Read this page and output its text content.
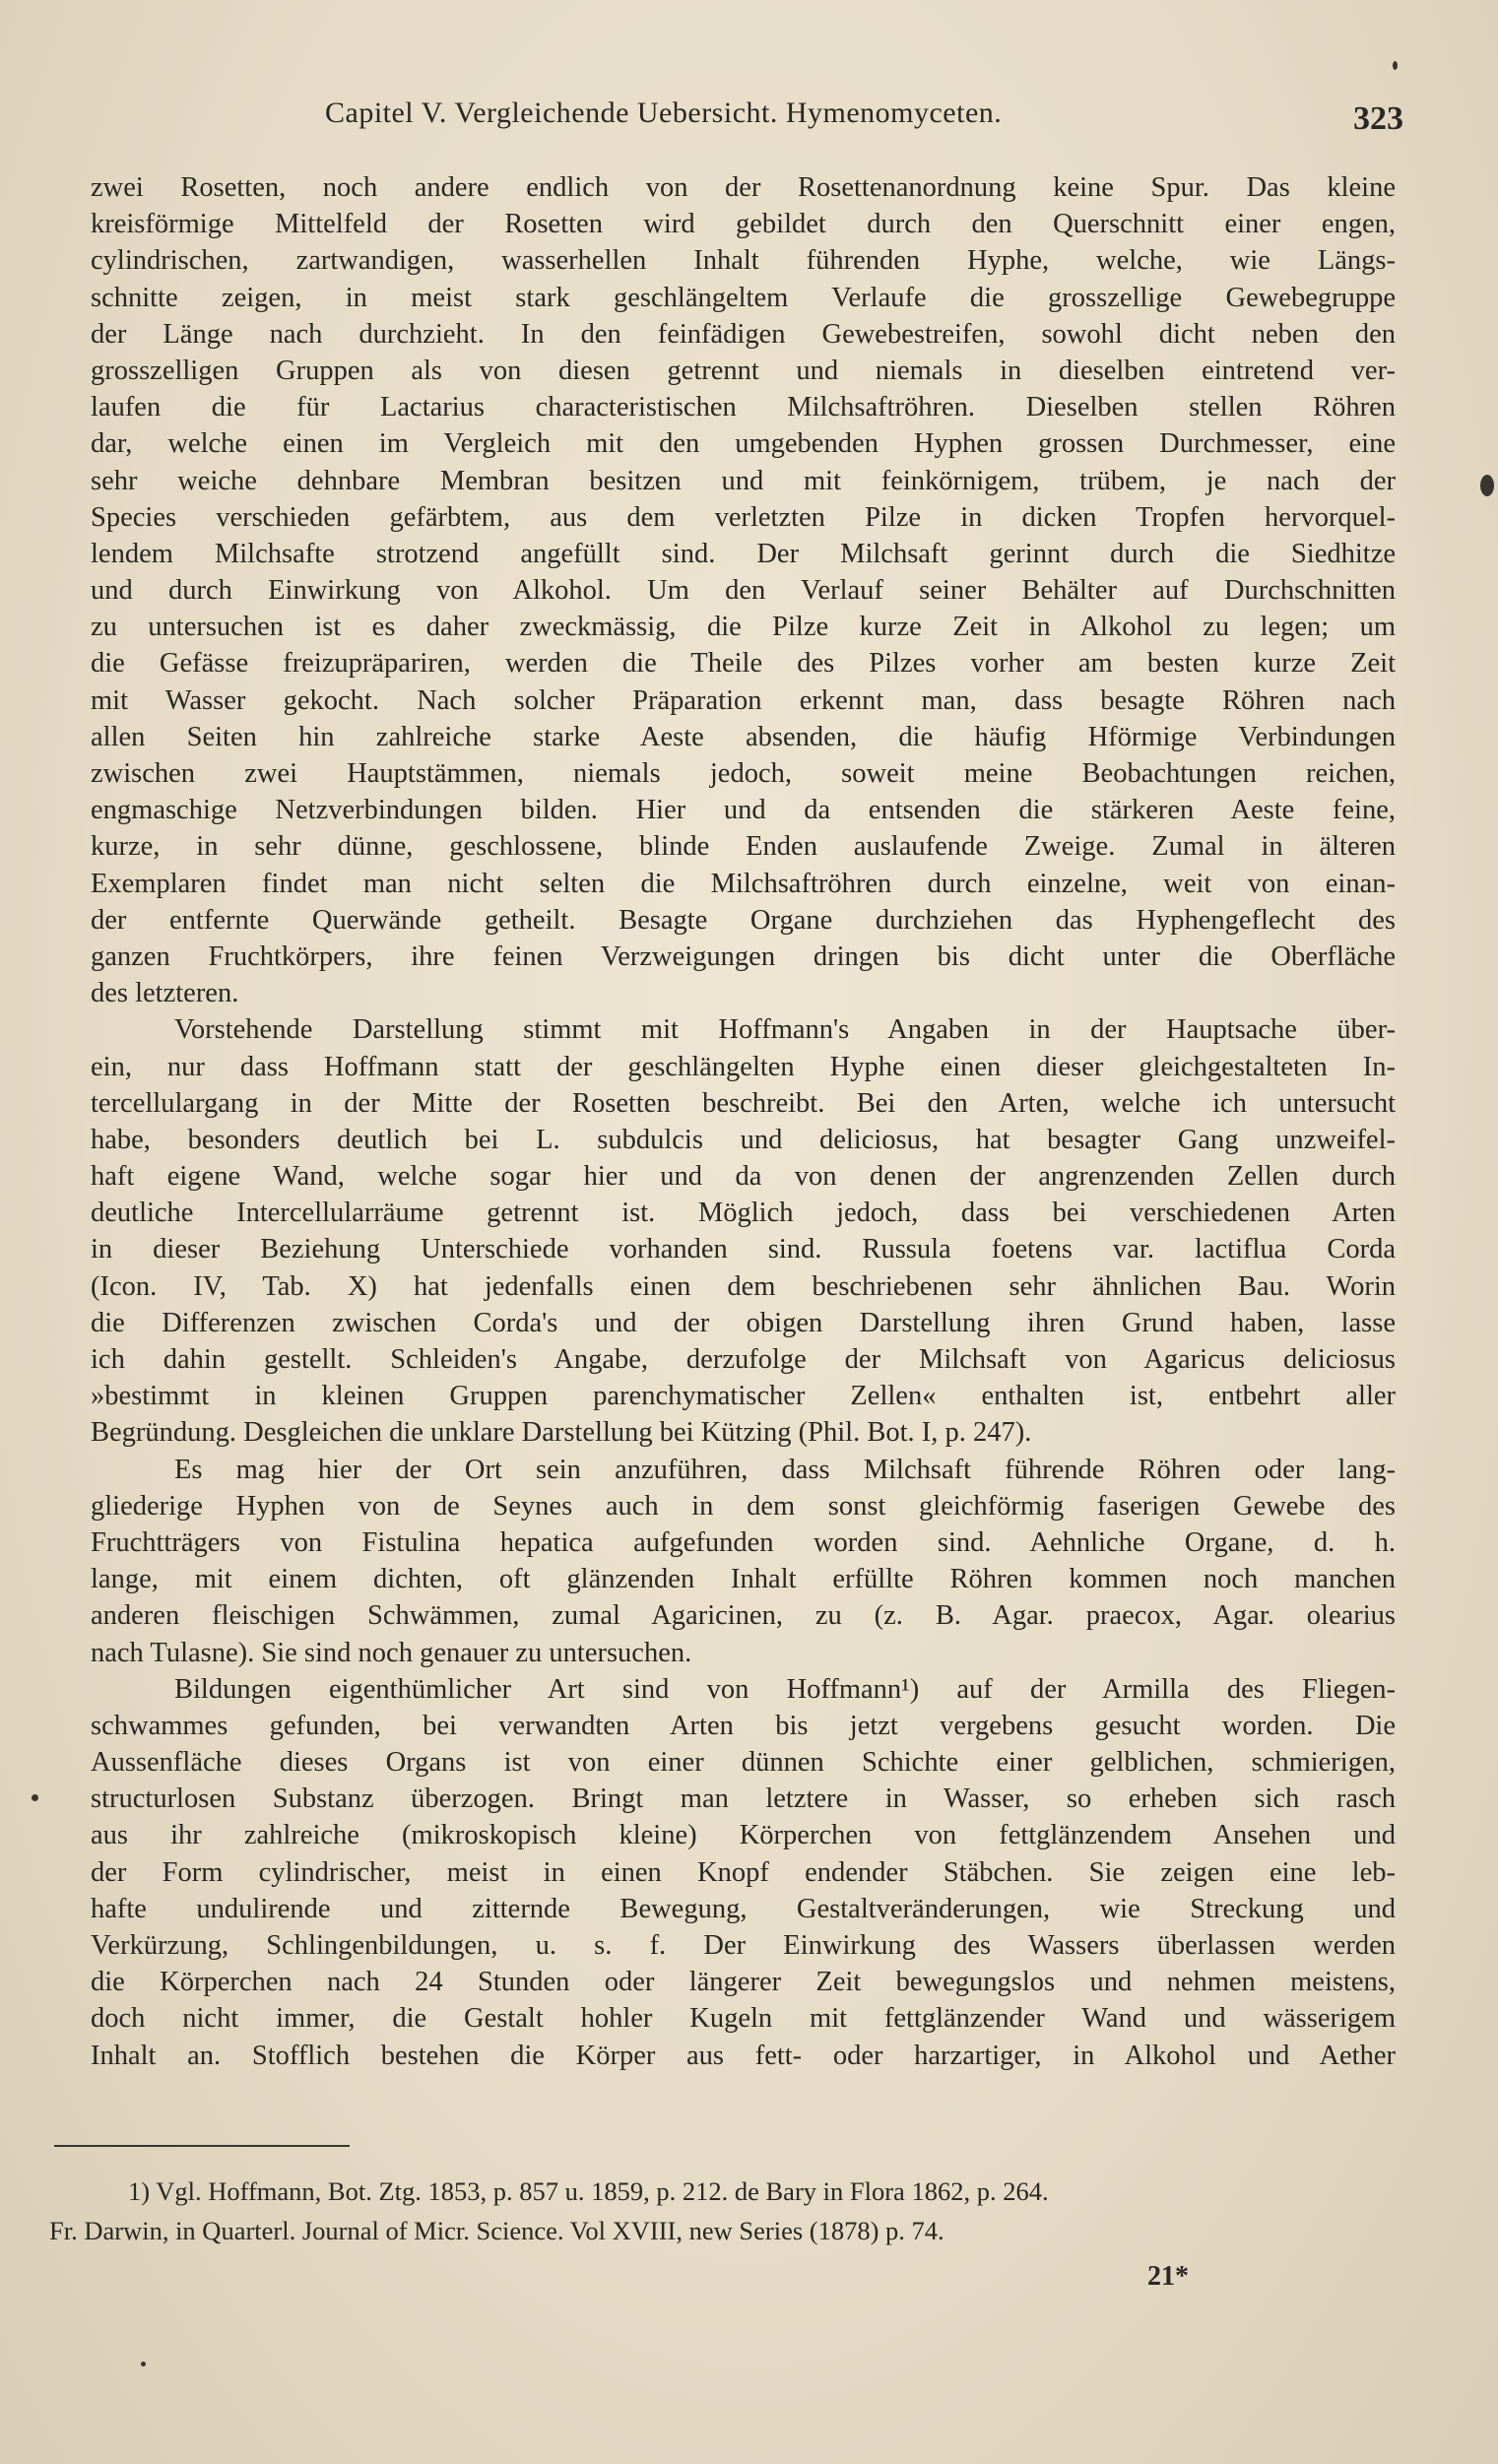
Capitel V. Vergleichende Uebersicht. Hymenomyceten.	323
zwei Rosetten, noch andere endlich von der Rosettenanordnung keine Spur. Das kleine
kreisförmige Mittelfeld der Rosetten wird gebildet durch den Querschnitt einer engen,
cylindrischen, zartwandigen, wasserhellen Inhalt führenden Hyphe, welche, wie Längs-
schnitte zeigen, in meist stark geschlängeltem Verlaufe die grosszellige Gewebegruppe
der Länge nach durchzieht. In den feinfädigen Gewebestreifen, sowohl dicht neben den
grosszelligen Gruppen als von diesen getrennt und niemals in dieselben eintretend ver-
laufen die für Lactarius characteristischen Milchsaftröhren. Dieselben stellen Röhren
dar, welche einen im Vergleich mit den umgebenden Hyphen grossen Durchmesser, eine
sehr weiche dehnbare Membran besitzen und mit feinkörnigem, trübem, je nach der
Species verschieden gefärbtem, aus dem verletzten Pilze in dicken Tropfen hervorquel-
lendem Milchsafte strotzend angefüllt sind. Der Milchsaft gerinnt durch die Siedhitze
und durch Einwirkung von Alkohol. Um den Verlauf seiner Behälter auf Durchschnitten
zu untersuchen ist es daher zweckmässig, die Pilze kurze Zeit in Alkohol zu legen; um
die Gefässe freizupräpariren, werden die Theile des Pilzes vorher am besten kurze Zeit
mit Wasser gekocht. Nach solcher Präparation erkennt man, dass besagte Röhren nach
allen Seiten hin zahlreiche starke Aeste absenden, die häufig Hförmige Verbindungen
zwischen zwei Hauptstämmen, niemals jedoch, soweit meine Beobachtungen reichen,
engmaschige Netzverbindungen bilden. Hier und da entsenden die stärkeren Aeste feine,
kurze, in sehr dünne, geschlossene, blinde Enden auslaufende Zweige. Zumal in älteren
Exemplaren findet man nicht selten die Milchsaftröhren durch einzelne, weit von einan-
der entfernte Querwände getheilt. Besagte Organe durchziehen das Hyphengeflecht des
ganzen Fruchtkörpers, ihre feinen Verzweigungen dringen bis dicht unter die Oberfläche
des letzteren.
Vorstehende Darstellung stimmt mit Hoffmann's Angaben in der Hauptsache über-
ein, nur dass Hoffmann statt der geschlängelten Hyphe einen dieser gleichgestalteten In-
tercellulargang in der Mitte der Rosetten beschreibt. Bei den Arten, welche ich untersucht
habe, besonders deutlich bei L. subdulcis und deliciosus, hat besagter Gang unzweifel-
haft eigene Wand, welche sogar hier und da von denen der angrenzenden Zellen durch
deutliche Intercellularräume getrennt ist. Möglich jedoch, dass bei verschiedenen Arten
in dieser Beziehung Unterschiede vorhanden sind. Russula foetens var. lactiflua Corda
(Icon. IV, Tab. X) hat jedenfalls einen dem beschriebenen sehr ähnlichen Bau. Worin
die Differenzen zwischen Corda's und der obigen Darstellung ihren Grund haben, lasse
ich dahin gestellt. Schleiden's Angabe, derzufolge der Milchsaft von Agaricus deliciosus
»bestimmt in kleinen Gruppen parenchymatischer Zellen« enthalten ist, entbehrt aller
Begründung. Desgleichen die unklare Darstellung bei Kützing (Phil. Bot. I, p. 247).
Es mag hier der Ort sein anzuführen, dass Milchsaft führende Röhren oder lang-
gliederige Hyphen von de Seynes auch in dem sonst gleichförmig faserigen Gewebe des
Fruchtträgers von Fistulina hepatica aufgefunden worden sind. Aehnliche Organe, d. h.
lange, mit einem dichten, oft glänzenden Inhalt erfüllte Röhren kommen noch manchen
anderen fleischigen Schwämmen, zumal Agaricinen, zu (z. B. Agar. praecox, Agar. olearius
nach Tulasne). Sie sind noch genauer zu untersuchen.
Bildungen eigenthümlicher Art sind von Hoffmann¹) auf der Armilla des Fliegen-
schwammes gefunden, bei verwandten Arten bis jetzt vergebens gesucht worden. Die
Aussenfläche dieses Organs ist von einer dünnen Schichte einer gelblichen, schmierigen,
structurlosen Substanz überzogen. Bringt man letztere in Wasser, so erheben sich rasch
aus ihr zahlreiche (mikroskopisch kleine) Körperchen von fettglänzendem Ansehen und
der Form cylindrischer, meist in einen Knopf endender Stäbchen. Sie zeigen eine leb-
hafte undulirende und zitternde Bewegung, Gestaltveränderungen, wie Streckung und
Verkürzung, Schlingenbildungen, u. s. f. Der Einwirkung des Wassers überlassen werden
die Körperchen nach 24 Stunden oder längerer Zeit bewegungslos und nehmen meistens,
doch nicht immer, die Gestalt hohler Kugeln mit fettglänzender Wand und wässerigem
Inhalt an. Stofflich bestehen die Körper aus fett- oder harzartiger, in Alkohol und Aether
1) Vgl. Hoffmann, Bot. Ztg. 1853, p. 857 u. 1859, p. 212. de Bary in Flora 1862, p. 264.
Fr. Darwin, in Quarterl. Journal of Micr. Science. Vol XVIII, new Series (1878) p. 74.
21*
